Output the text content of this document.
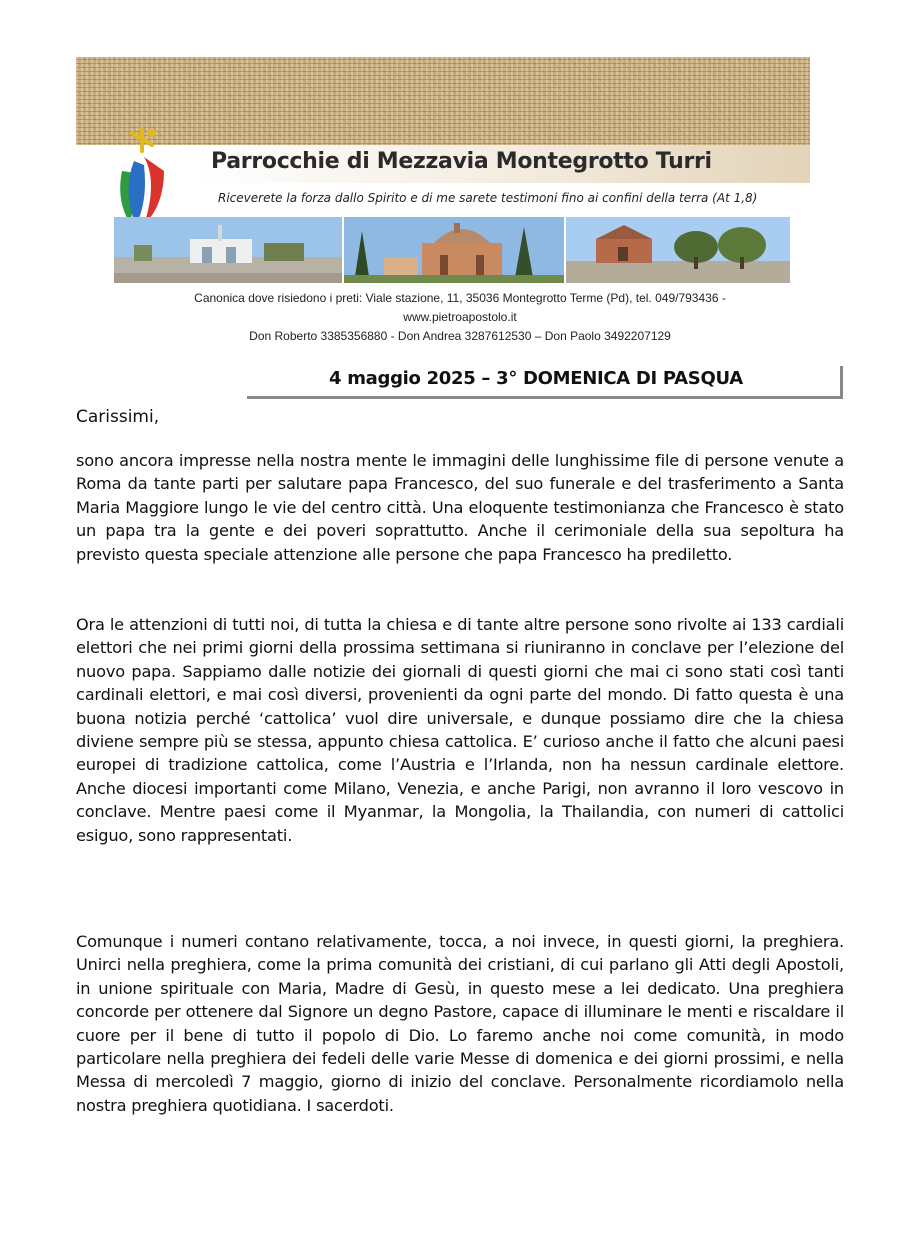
Parrocchie di Mezzavia Montegrotto Turri
Riceverete la forza dallo Spirito e di me sarete testimoni fino ai confini della terra (At 1,8)
Canonica dove risiedono i preti: Viale stazione, 11, 35036 Montegrotto Terme (Pd), tel. 049/793436 -
www.pietroapostolo.it
Don Roberto 3385356880 - Don Andrea 3287612530 – Don Paolo 3492207129
4 maggio 2025 – 3° DOMENICA DI PASQUA
Carissimi,

sono ancora impresse nella nostra mente le immagini delle lunghissime file di persone venute a Roma da tante parti per salutare papa Francesco, del suo funerale e del trasferimento a Santa Maria Maggiore lungo le vie del centro città. Una eloquente testimonianza che Francesco è stato un papa tra la gente e dei poveri soprattutto. Anche il cerimoniale della sua sepoltura ha previsto questa speciale attenzione alle persone che papa Francesco ha prediletto.

Ora le attenzioni di tutti noi, di tutta la chiesa e di tante altre persone sono rivolte ai 133 cardiali elettori che nei primi giorni della prossima settimana si riuniranno in conclave per l’elezione del nuovo papa. Sappiamo dalle notizie dei giornali di questi giorni che mai ci sono stati così tanti cardinali elettori, e mai così diversi, provenienti da ogni parte del mondo. Di fatto questa è una buona notizia perché ‘cattolica’ vuol dire universale, e dunque possiamo dire che la chiesa diviene sempre più se stessa, appunto chiesa cattolica. E’ curioso anche il fatto che alcuni paesi europei di tradizione cattolica, come l’Austria e l’Irlanda, non ha nessun cardinale elettore. Anche diocesi importanti come Milano, Venezia, e anche Parigi, non avranno il loro vescovo in conclave. Mentre paesi come il Myanmar, la Mongolia, la Thailandia, con numeri di cattolici esiguo, sono rappresentati.

Comunque i numeri contano relativamente, tocca, a noi invece, in questi giorni, la preghiera. Unirci nella preghiera, come la prima comunità dei cristiani, di cui parlano gli Atti degli Apostoli, in unione spirituale con Maria, Madre di Gesù, in questo mese a lei dedicato. Una preghiera concorde per ottenere dal Signore un degno Pastore, capace di illuminare le menti e riscaldare il cuore per il bene di tutto il popolo di Dio. Lo faremo anche noi come comunità, in modo particolare nella preghiera dei fedeli delle varie Messe di domenica e dei giorni prossimi, e nella Messa di mercoledì 7 maggio, giorno di inizio del conclave. Personalmente ricordiamolo nella nostra preghiera quotidiana. I sacerdoti.
